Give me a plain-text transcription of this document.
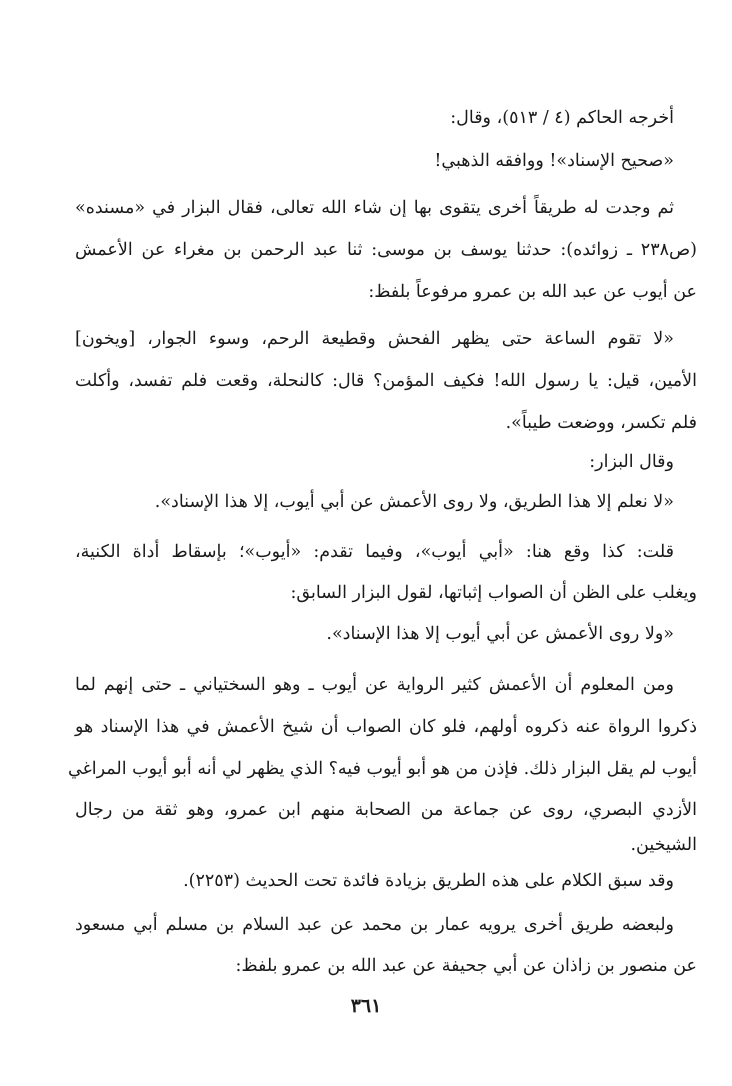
أخرجه الحاكم (٤ / ٥١٣)، وقال:
«صحيح الإسناد»! ووافقه الذهبي!
ثم وجدت له طريقاً أخرى يتقوى بها إن شاء الله تعالى، فقال البزار في «مسنده»
(ص٢٣٨ ـ زوائده): حدثنا يوسف بن موسى: ثنا عبد الرحمن بن مغراء عن الأعمش
عن أيوب عن عبد الله بن عمرو مرفوعاً بلفظ:
«لا تقوم الساعة حتى يظهر الفحش وقطيعة الرحم، وسوء الجوار، [ويخون]
الأمين، قيل: يا رسول الله! فكيف المؤمن؟ قال: كالنحلة، وقعت فلم تفسد، وأكلت
فلم تكسر، ووضعت طيباً».
وقال البزار:
«لا نعلم إلا هذا الطريق، ولا روى الأعمش عن أبي أيوب، إلا هذا الإسناد».
قلت: كذا وقع هنا: «أبي أيوب»، وفيما تقدم: «أيوب»؛ بإسقاط أداة الكنية،
ويغلب على الظن أن الصواب إثباتها، لقول البزار السابق:
«ولا روى الأعمش عن أبي أيوب إلا هذا الإسناد».
ومن المعلوم أن الأعمش كثير الرواية عن أيوب ـ وهو السختياني ـ حتى إنهم لما
ذكروا الرواة عنه ذكروه أولهم، فلو كان الصواب أن شيخ الأعمش في هذا الإسناد هو
أيوب لم يقل البزار ذلك. فإذن من هو أبو أيوب فيه؟ الذي يظهر لي أنه أبو أيوب المراغي
الأزدي البصري، روى عن جماعة من الصحابة منهم ابن عمرو، وهو ثقة من رجال
الشيخين.
وقد سبق الكلام على هذه الطريق بزيادة فائدة تحت الحديث (٢٢٥٣).
ولبعضه طريق أخرى يرويه عمار بن محمد عن عبد السلام بن مسلم أبي مسعود
عن منصور بن زاذان عن أبي جحيفة عن عبد الله بن عمرو بلفظ:
٣٦١
